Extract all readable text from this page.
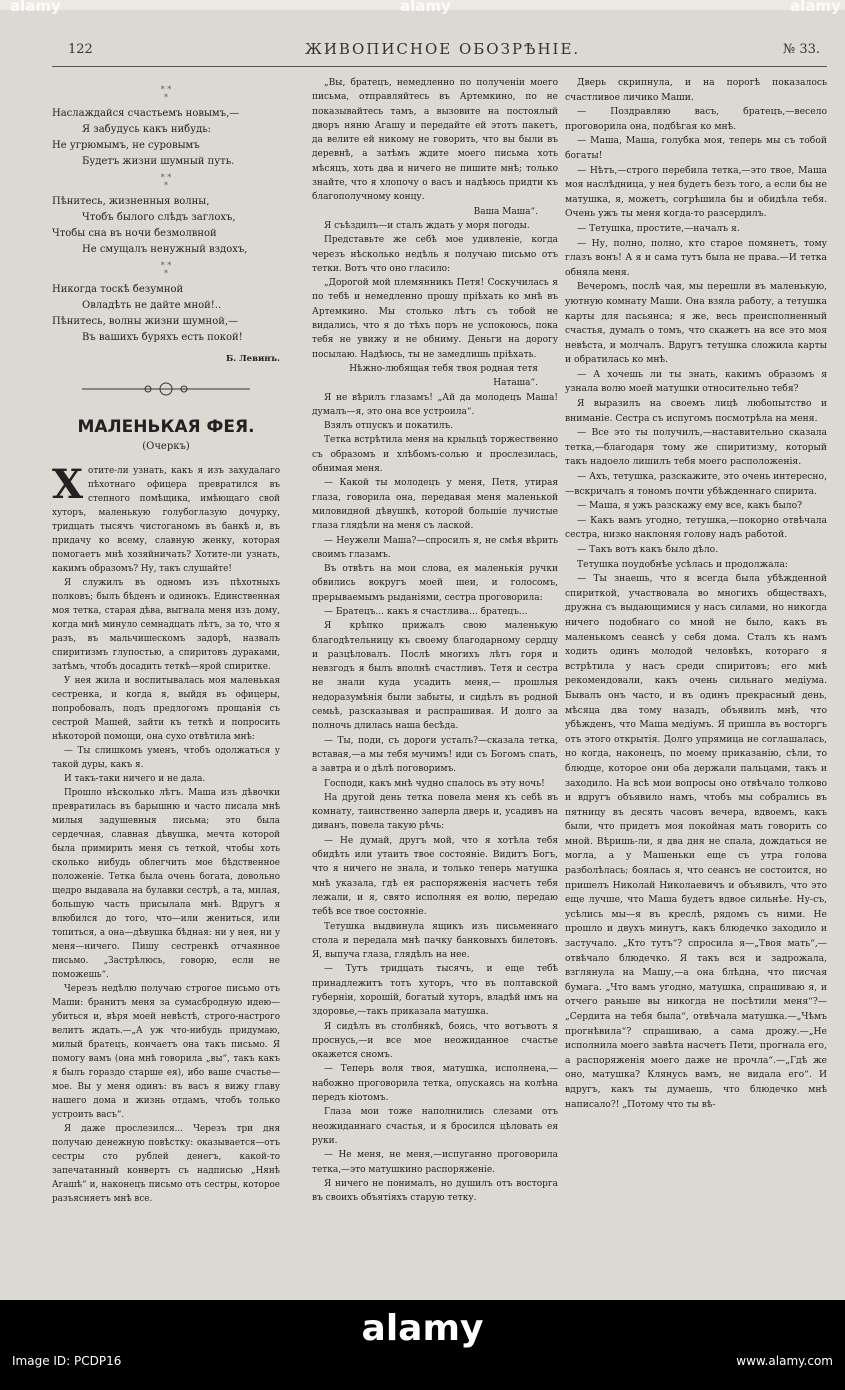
alamy	alamy	alamy
122	ЖИВОПИСНОЕ ОБОЗРѢНІЕ.	№ 33.
* *
*
Наслаждайся счастьемъ новымъ,—
Я забудусь какъ нибудь:
Не угрюмымъ, не суровымъ
Будетъ жизни шумный путь.
* *
*
Пѣнитесь, жизненныя волны,
Чтобъ былого слѣдъ заглохъ,
Чтобы сна въ ночи безмолвной
Не смущалъ ненужный вздохъ,
* *
*
Никогда тоскѣ безумной
Овладѣть не дайте мной!..
Пѣнитесь, волны жизни шумной,—
Въ вашихъ буряхъ есть покой!
Б. Левинъ.
МАЛЕНЬКАЯ ФЕЯ.
(Очеркъ)

Хотите-ли узнать, какъ я изъ захудалаго пѣхотнаго офицера превратился въ степного помѣщика, имѣющаго свой хуторъ, маленькую голубоглазую дочурку, тридцать тысячъ чистоганомъ въ банкѣ и, въ придачу ко всему, славную женку, которая помогаетъ мнѣ хозяйничать? Хотите-ли узнать, какимъ образомъ? Ну, такъ слушайте!

Я служилъ въ одномъ изъ пѣхотныхъ полковъ; былъ бѣденъ и одинокъ. Единственная моя тетка, старая дѣва, выгнала меня изъ дому, когда мнѣ минуло семнадцать лѣтъ, за то, что я разъ, въ мальчишескомъ задорѣ, назвалъ спиритизмъ глупостью, а спиритовъ дураками, затѣмъ, чтобъ досадить теткѣ—ярой спиритке.

У нея жила и воспитывалась моя маленькая сестренка, и когда я, выйдя въ офицеры, попробовалъ, подъ предлогомъ прощанія съ сестрой Машей, зайти къ теткѣ и попросить нѣкоторой помощи, она сухо отвѣтила мнѣ:

— Ты слишкомъ уменъ, чтобъ одолжаться у такой дуры, какъ я.

И такъ-таки ничего и не дала.

Прошло нѣсколько лѣтъ. Маша изъ дѣвочки превратилась въ барышню и часто писала мнѣ милыя задушевныя письма; это была сердечная, славная дѣвушка, мечта которой была примирить меня съ теткой, чтобы хоть сколько нибудь облегчить мое бѣдственное положеніе. Тетка была очень богата, довольно щедро выдавала на булавки сестрѣ, а та, милая, большую часть присылала мнѣ. Вдругъ я влюбился до того, что—или жениться, или топиться, а она—дѣвушка бѣдная: ни у нея, ни у меня—ничего. Пишу сестренкѣ отчаянное письмо. „Застрѣлюсь, говорю, если не поможешь“.

Черезъ недѣлю получаю строгое письмо отъ Маши: бранитъ меня за сумасбродную идею—убиться и, вѣря моей невѣстѣ, строго-настрого велитъ ждать.—„А уж что-нибудь придумаю, милый братецъ, кончаетъ она такъ письмо. Я помогу вамъ (она мнѣ говорила „вы“, такъ какъ я былъ гораздо старше ея), ибо ваше счастье—мое. Вы у меня одинъ: въ васъ я вижу главу нашего дома и жизнь отдамъ, чтобъ только устроить васъ“.

Я даже прослезился... Черезъ три дня получаю денежную повѣстку: оказывается—отъ сестры сто рублей денегъ, какой-то запечатанный конвертъ съ надписью „Нянѣ Агашѣ“ и, наконецъ письмо отъ сестры, которое разъясняетъ мнѣ все.

„Вы, братецъ, немедленно по полученіи моего письма, отправляйтесь въ Артемкино, по не показывайтесь тамъ, а вызовите на постоялый дворъ няню Агашу и передайте ей этотъ пакетъ, да велите ей никому не говорить, что вы были въ деревнѣ, а затѣмъ ждите моего письма хоть мѣсяцъ, хоть два и ничего не пишите мнѣ; только знайте, что я хлопочу о васъ и надѣюсь придти къ благополучному концу.

Ваша Маша“.

Я съѣздилъ—и сталъ ждать у моря погоды.

Представьте же себѣ мое удивленіе, когда черезъ нѣсколько недѣль я получаю письмо отъ тетки. Вотъ что оно гласило:

„Дорогой мой племянникъ Петя! Соскучилась я по тебѣ и немедленно прошу пріѣхать ко мнѣ въ Артемкино. Мы столько лѣтъ съ тобой не видались, что я до тѣхъ поръ не успокоюсь, пока тебя не увижу и не обниму. Деньги на дорогу посылаю. Надѣюсь, ты не замедлишь пріѣхать.

Нѣжно-любящая тебя твоя родная тетя Наташа“.

Я не вѣрилъ глазамъ! „Ай да молодецъ Маша! думалъ—я, это она все устроила“.

Взялъ отпускъ и покатилъ.

Тетка встрѣтила меня на крыльцѣ торжественно съ образомъ и хлѣбомъ-солью и прослезилась, обнимая меня.

— Какой ты молодецъ у меня, Петя, утирая глаза, говорила она, передавая меня маленькой миловидной дѣвушкѣ, которой большіе лучистые глаза глядѣли на меня съ лаской.

— Неужели Маша?—спросилъ я, не смѣя вѣрить своимъ глазамъ.

Въ отвѣтъ на мои слова, ея маленькія ручки обвились вокругъ моей шеи, и голосомъ, прерываемымъ рыданіями, сестра проговорила:

— Братецъ... какъ я счастлива... братецъ...

Я крѣпко прижалъ свою маленькую благодѣтельницу къ своему благодарному сердцу и разцѣловалъ. Послѣ многихъ лѣтъ горя и невзгодъ я былъ вполнѣ счастливъ. Тетя и сестра не знали куда усадить меня,— прошлыя недоразумѣнія были забыты, и сидѣлъ въ родной семьѣ, разсказывая и распрашивая. И долго за полночь длилась наша бесѣда.

— Ты, поди, съ дороги усталъ?—сказала тетка, вставая,—а мы тебя мучимъ! иди съ Богомъ спать, а завтра и о дѣлѣ поговоримъ.

Господи, какъ мнѣ чудно спалось въ эту ночь!

На другой день тетка повела меня къ себѣ въ комнату, таинственно заперла дверь и, усадивъ на диванъ, повела такую рѣчь:

— Не думай, другъ мой, что я хотѣла тебя обидѣть или утаить твое состояніе. Видитъ Богъ, что я ничего не знала, и только теперь матушка мнѣ указала, гдѣ ея распоряженія насчетъ тебя лежали, и я, свято исполняя ея волю, передаю тебѣ все твое состояніе.

Тетушка выдвинула ящикъ изъ письменнаго стола и передала мнѣ пачку банковыхъ билетовъ. Я, выпуча глаза, глядѣлъ на нее.

— Тутъ тридцать тысячъ, и еще тебѣ принадлежитъ тотъ хуторъ, что въ полтавской губерніи, хорошій, богатый хуторъ, владѣй имъ на здоровье,—такъ приказала матушка.

Я сидѣлъ въ столбнякѣ, боясь, что вотъвотъ я проснусь,—и все мое неожиданное счастье окажется сномъ.

— Теперь воля твоя, матушка, исполнена,—набожно проговорила тетка, опускаясь на колѣна передъ кіотомъ.

Глаза мои тоже наполнились слезами отъ неожиданнаго счастья, и я бросился цѣловать ея руки.

— Не меня, не меня,—испуганно проговорила тетка,—это матушкино распоряженіе.

Я ничего не понималъ, но душилъ отъ восторга въ своихъ объятіяхъ старую тетку.

Дверь скрипнула, и на порогѣ показалось счастливое личико Маши.

— Поздравляю васъ, братецъ,—весело проговорила она, подбѣгая ко мнѣ.

— Маша, Маша, голубка моя, теперь мы съ тобой богаты!

— Нѣтъ,—строго перебила тетка,—это твое, Маша моя наслѣдница, у нея будетъ безъ того, а если бы не матушка, я, можетъ, согрѣшила бы и обидѣла тебя. Очень ужъ ты меня когда-то разсердилъ.

— Тетушка, простите,—началъ я.

— Ну, полно, полно, кто старое помянетъ, тому глазъ вонъ! А я и сама тутъ была не права.—И тетка обняла меня.

Вечеромъ, послѣ чая, мы перешли въ маленькую, уютную комнату Маши. Она взяла работу, а тетушка карты для пасьянса; я же, весь преисполненный счастья, думалъ о томъ, что скажетъ на все это моя невѣста, и молчалъ. Вдругъ тетушка сложила карты и обратилась ко мнѣ.

— А хочешь ли ты знать, какимъ образомъ я узнала волю моей матушки относительно тебя?

Я выразилъ на своемъ лицѣ любопытство и вниманіе. Сестра съ испугомъ посмотрѣла на меня.

— Все это ты получилъ,—наставительно сказала тетка,—благодаря тому же спиритизму, который такъ надоело лишилъ тебя моего расположенія.

— Ахъ, тетушка, разскажите, это очень интересно,—вскричалъ я тономъ почти убѣжденнаго спирита.

— Маша, я ужъ разскажу ему все, какъ было?

— Какъ вамъ угодно, тетушка,—покорно отвѣчала сестра, низко наклоняя голову надъ работой.

— Такъ вотъ какъ было дѣло.

Тетушка поудобнѣе усѣлась и продолжала:

— Ты знаешь, что я всегда была убѣжденной спириткой, участвовала во многихъ обществахъ, дружна съ выдающимися у насъ силами, но никогда ничего подобнаго со мной не было, какъ въ маленькомъ сеансѣ у себя дома. Сталъ къ намъ ходить одинъ молодой человѣкъ, котораго я встрѣтила у насъ среди спиритовъ; его мнѣ рекомендовали, какъ очень сильнаго медіума. Бывалъ онъ часто, и въ одинъ прекрасный день, мѣсяца два тому назадъ, объявилъ мнѣ, что убѣжденъ, что Маша медіумъ. Я пришла въ восторгъ отъ этого открытія. Долго упрямица не соглашалась, но когда, наконецъ, по моему приказанію, сѣли, то блюдце, которое они оба держали пальцами, такъ и заходило. На всѣ мои вопросы оно отвѣчало толково и вдругъ объявило намъ, чтобъ мы собрались въ пятницу въ десять часовъ вечера, вдвоемъ, какъ были, что придетъ моя покойная мать говорить со мной. Вѣришь-ли, я два дня не спала, дождаться не могла, а у Машеньки еще съ утра голова разболѣлась; боялась я, что сеансъ не состоится, но пришелъ Николай Николаевичъ и объявилъ, что это еще лучше, что Маша будетъ вдвое сильнѣе. Ну-съ, усѣлись мы—я въ креслѣ, рядомъ съ ними. Не прошло и двухъ минутъ, какъ блюдечко заходило и застучало. „Кто тутъ“? спросила я—„Твоя мать“,—отвѣчало блюдечко. Я такъ вся и задрожала, взглянула на Машу,—а она блѣдна, что писчая бумага. „Что вамъ угодно, матушка, спрашиваю я, и отчего раньше вы никогда не посѣтили меня“?—„Сердита на тебя была“, отвѣчала матушка.—„Чѣмъ прогнѣвила“? спрашиваю, а сама дрожу.—„Не исполнила моего завѣта насчетъ Пети, прогнала его, а распоряженія моего даже не прочла“.—„Гдѣ же оно, матушка? Клянусь вамъ, не видала его“. И вдругъ, какъ ты думаешь, что блюдечко мнѣ написало?! „Потому что ты вѣ-

alamy
Image ID: PCDP16	www.alamy.com
